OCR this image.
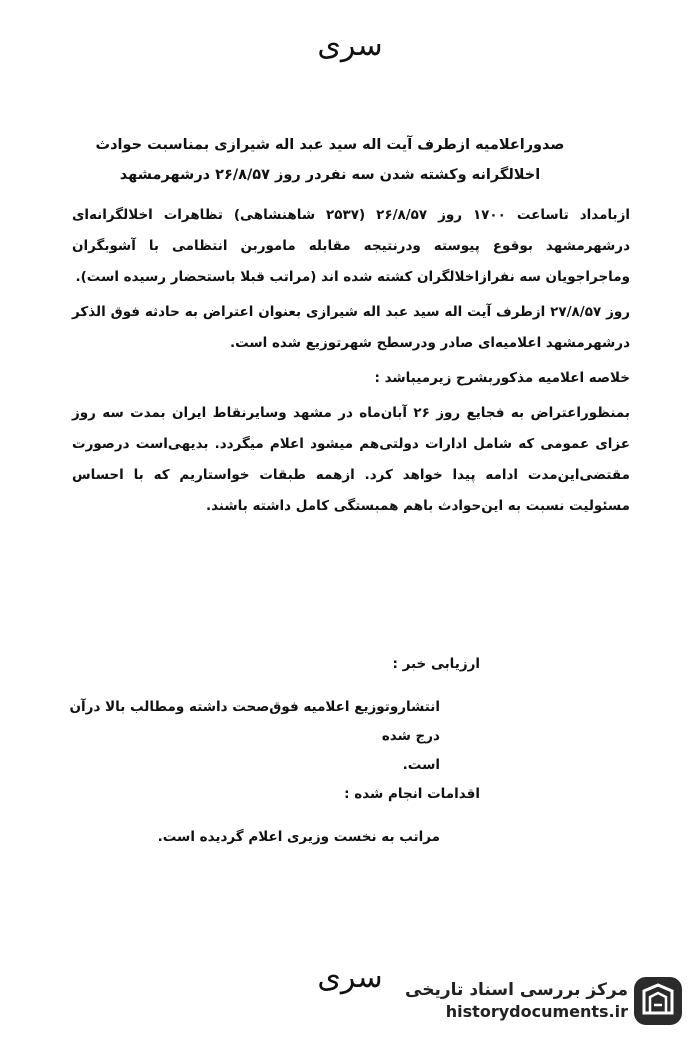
سری

صدوراعلامیه ازطرف آیت اله سید عبد اله شیرازی بمناسبت حوادث

اخلالگرانه وکشته شدن سه نفردر روز ۲۶/۸/۵۷ درشهرمشهد

ازبامداد تاساعت ۱۷۰۰ روز ۲۶/۸/۵۷ (۲۵۳۷ شاهنشاهی) تظاهرات اخلالگرانه‌ای درشهرمشهد بوقوع پیوسته ودرنتیجه مقابله ماموربن انتظامی با آشوبگران وماجراجویان سه نفرازاخلالگران کشته شده اند (مراتب قبلا باستحضار رسیده است).

روز ۲۷/۸/۵۷ ازطرف آیت اله سید عبد اله شیرازی بعنوان اعتراض به حادثه فوق الذکر درشهرمشهد اعلامیه‌ای صادر ودرسطح شهرتوزیع شده است.

خلاصه اعلامیه مذکوربشرح زیرمیباشد :

بمنظوراعتراض به فجایع روز ۲۶ آبان‌ماه در مشهد وسایرنقاط ایران بمدت سه روز عزای عمومی که شامل ادارات دولتی‌هم میشود اعلام میگردد. بدیهی‌است درصورت مقتضی‌این‌مدت ادامه پیدا خواهد کرد. ازهمه طبقات خواستاریم که با احساس مسئولیت نسبت به این‌حوادث باهم همبستگی کامل داشته باشند.

ارزیابی خبر :

انتشاروتوزیع اعلامیه فوق‌صحت داشته ومطالب بالا درآن درج شده

است.

اقدامات انجام شده :

مراتب به نخست وزیری اعلام گردیده است.

سری	مرکز بررسی اسناد تاریخی
historydocuments.ir
